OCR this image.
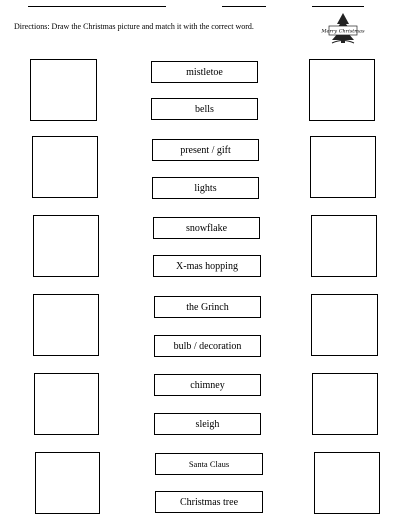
Directions: Draw the Christmas picture and match it with the correct word.
Merry Christmas
mistletoe
bells
present / gift
lights
snowflake
X-mas hopping
the Grinch
bulb / decoration
chimney
sleigh
Santa Claus
Christmas tree
